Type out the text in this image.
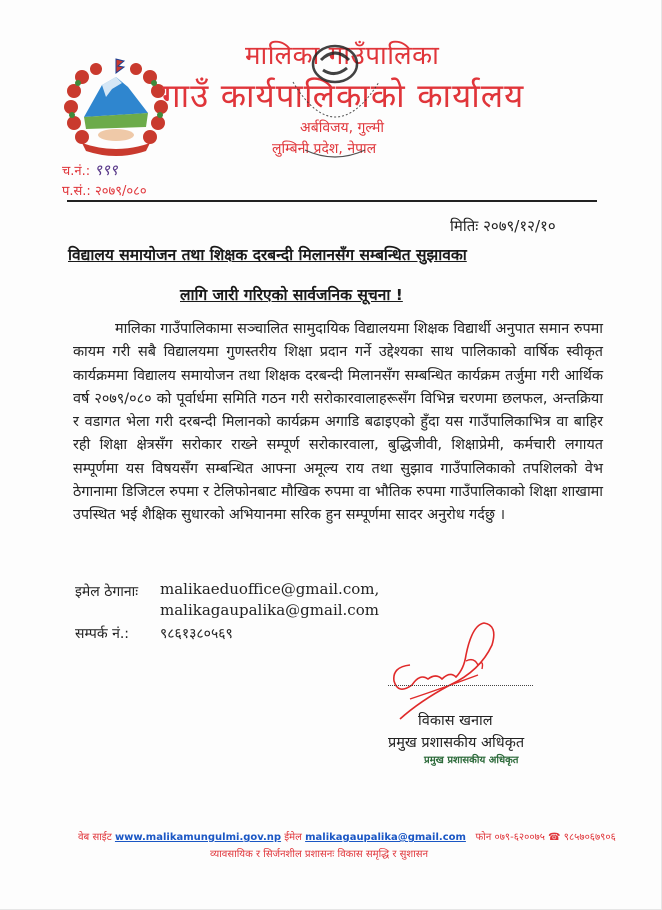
मालिका गाउँपालिका
गाउँ कार्यपालिकाको कार्यालय
अर्बविजय, गुल्मी
लुम्बिनी प्रदेश, नेपाल
च.नं.: ९९९
प.सं.: २०७९/०८०
मितिः २०७९/१२/१०
विद्यालय समायोजन तथा शिक्षक दरबन्दी मिलानसँग सम्बन्धित सुझावका
लागि जारी गरिएको सार्वजनिक सूचना !
मालिका गाउँपालिकामा सञ्चालित सामुदायिक विद्यालयमा शिक्षक विद्यार्थी अनुपात समान रुपमा कायम गरी सबै विद्यालयमा गुणस्तरीय शिक्षा प्रदान गर्ने उद्देश्यका साथ पालिकाको वार्षिक स्वीकृत कार्यक्रममा विद्यालय समायोजन तथा शिक्षक दरबन्दी मिलानसँग सम्बन्धित कार्यक्रम तर्जुमा गरी आर्थिक वर्ष २०७९/०८० को पूर्वार्धमा समिति गठन गरी सरोकारवालाहरूसँग विभिन्न चरणमा छलफल, अन्तक्रिया र वडागत भेला गरी दरबन्दी मिलानको कार्यक्रम अगाडि बढाइएको हुँदा यस गाउँपालिकाभित्र वा बाहिर रही शिक्षा क्षेत्रसँग सरोकार राख्ने सम्पूर्ण सरोकारवाला, बुद्धिजीवी, शिक्षाप्रेमी, कर्मचारी लगायत सम्पूर्णमा यस विषयसँग सम्बन्धित आफ्ना अमूल्य राय तथा सुझाव गाउँपालिकाको तपशिलको वेभ ठेगानामा डिजिटल रुपमा र टेलिफोनबाट मौखिक रुपमा वा भौतिक रुपमा गाउँपालिकाको शिक्षा शाखामा उपस्थित भई शैक्षिक सुधारको अभियानमा सरिक हुन सम्पूर्णमा सादर अनुरोध गर्दछु ।
इमेल ठेगानाः malikaeduoffice@gmail.com,
malikagaupalika@gmail.com
सम्पर्क नं.: ९८६१३८०५६९
विकास खनाल
प्रमुख प्रशासकीय अधिकृत
प्रमुख प्रशासकीय अधिकृत
वेब साईट www.malikamungulmi.gov.np ईमेल malikagaupalika@gmail.com फोन ०७९-६२००७५ ☎ ९८५७०६७९०६
व्यावसायिक र सिर्जनशील प्रशासनः विकास समृद्धि र सुशासन
